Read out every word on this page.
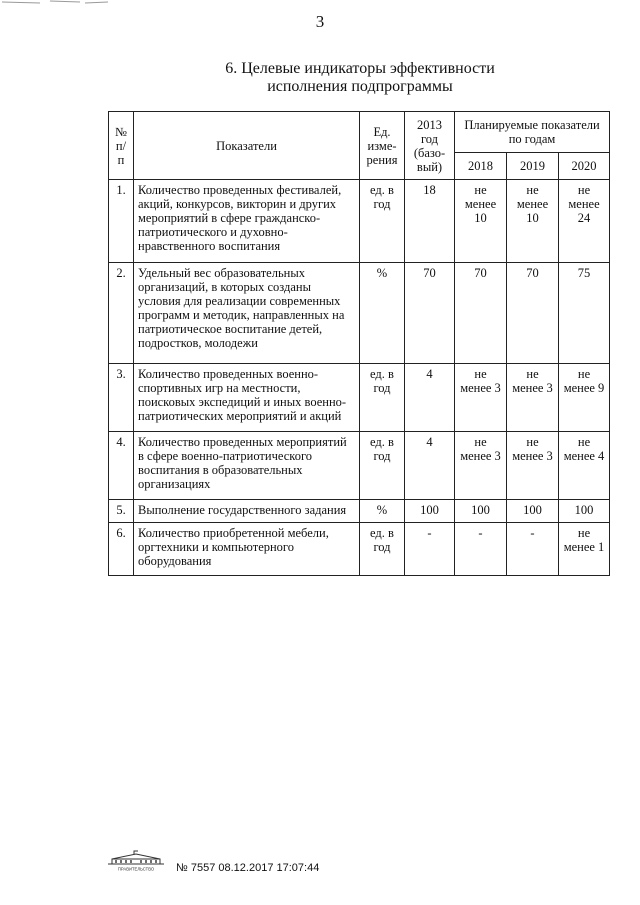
3
6. Целевые индикаторы эффективности
исполнения подпрограммы
№ п/п	Показатели	Ед. изме-рения	2013 год (базо-вый)	Планируемые показатели по годам		
				2018	2019	2020
1.	Количество проведенных фестивалей, акций, конкурсов, викторин и других мероприятий в сфере гражданско-патриотического и духовно-нравственного воспитания	ед. в год	18	не менее 10	не менее 10	не менее 24
2.	Удельный вес образовательных организаций, в которых созданы условия для реализации современных программ и методик, направленных на патриотическое воспитание детей, подростков, молодежи	%	70	70	70	75
3.	Количество проведенных военно-спортивных игр на местности, поисковых экспедиций и иных военно-патриотических мероприятий и акций	ед. в год	4	не менее 3	не менее 3	не менее 9
4.	Количество проведенных мероприятий в сфере военно-патриотического воспитания в образовательных организациях	ед. в год	4	не менее 3	не менее 3	не менее 4
5.	Выполнение государственного задания	%	100	100	100	100
6.	Количество приобретенной мебели, оргтехники и компьютерного оборудования	ед. в год	-	-	-	не менее 1
ПРАВИТЕЛЬСТВО № 7557 08.12.2017 17:07:44
